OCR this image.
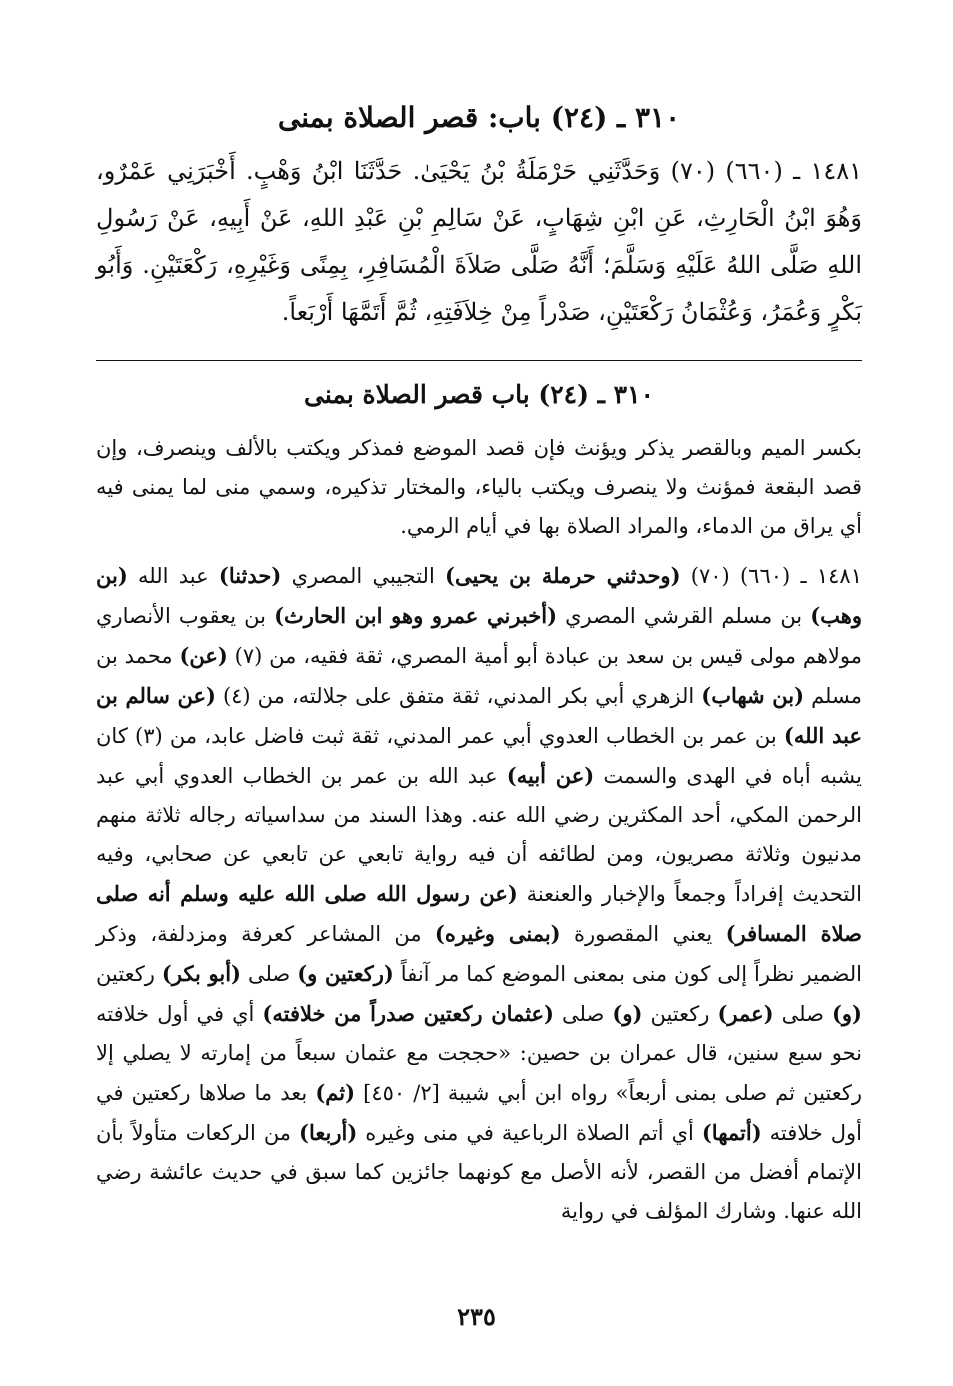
٣١٠ ـ (٢٤) باب: قصر الصلاة بمنى

١٤٨١ ـ (٦٦٠) (٧٠) وَحَدَّثَنِي حَرْمَلَةُ بْنُ يَحْيَىٰ. حَدَّثَنَا ابْنُ وَهْبٍ. أَخْبَرَنِي عَمْرٌو، وَهُوَ ابْنُ الْحَارِثِ، عَنِ ابْنِ شِهَابٍ، عَنْ سَالِمِ بْنِ عَبْدِ اللهِ، عَنْ أَبِيهِ، عَنْ رَسُولِ اللهِ صَلَّى اللهُ عَلَيْهِ وَسَلَّمَ؛ أَنَّهُ صَلَّى صَلاَةَ الْمُسَافِرِ، بِمِنًى وَغَيْرِهِ، رَكْعَتَيْنِ. وَأَبُو بَكْرٍ وَعُمَرُ، وَعُثْمَانُ رَكْعَتَيْنِ، صَدْراً مِنْ خِلاَفَتِهِ، ثُمَّ أَتَمَّهَا أَرْبَعاً.

٣١٠ ـ (٢٤) باب قصر الصلاة بمنى

بكسر الميم وبالقصر يذكر ويؤنث فإن قصد الموضع فمذكر ويكتب بالألف وينصرف، وإن قصد البقعة فمؤنث ولا ينصرف ويكتب بالياء، والمختار تذكيره، وسمي منى لما يمنى فيه أي يراق من الدماء، والمراد الصلاة بها في أيام الرمي.

١٤٨١ ـ (٦٦٠) (٧٠) (وحدثني حرملة بن يحيى) التجيبي المصري (حدثنا) عبد الله (بن وهب) بن مسلم القرشي المصري (أخبرني عمرو وهو ابن الحارث) بن يعقوب الأنصاري مولاهم مولى قيس بن سعد بن عبادة أبو أمية المصري، ثقة فقيه، من (٧) (عن) محمد بن مسلم (بن شهاب) الزهري أبي بكر المدني، ثقة متفق على جلالته، من (٤) (عن سالم بن عبد الله) بن عمر بن الخطاب العدوي أبي عمر المدني، ثقة ثبت فاضل عابد، من (٣) كان يشبه أباه في الهدى والسمت (عن أبيه) عبد الله بن عمر بن الخطاب العدوي أبي عبد الرحمن المكي، أحد المكثرين رضي الله عنه. وهذا السند من سداسياته رجاله ثلاثة منهم مدنيون وثلاثة مصريون، ومن لطائفه أن فيه رواية تابعي عن تابعي عن صحابي، وفيه التحديث إفراداً وجمعاً والإخبار والعنعنة (عن رسول الله صلى الله عليه وسلم أنه صلى صلاة المسافر) يعني المقصورة (بمنى وغيره) من المشاعر كعرفة ومزدلفة، وذكر الضمير نظراً إلى كون منى بمعنى الموضع كما مر آنفاً (ركعتين و) صلى (أبو بكر) ركعتين (و) صلى (عمر) ركعتين (و) صلى (عثمان ركعتين صدراً من خلافته) أي في أول خلافته نحو سبع سنين، قال عمران بن حصين: «حججت مع عثمان سبعاً من إمارته لا يصلي إلا ركعتين ثم صلى بمنى أربعاً» رواه ابن أبي شيبة [٢/ ٤٥٠] (ثم) بعد ما صلاها ركعتين في أول خلافته (أتمها) أي أتم الصلاة الرباعية في منى وغيره (أربعا) من الركعات متأولاً بأن الإتمام أفضل من القصر، لأنه الأصل مع كونهما جائزين كما سبق في حديث عائشة رضي الله عنها. وشارك المؤلف في رواية

٢٣٥
